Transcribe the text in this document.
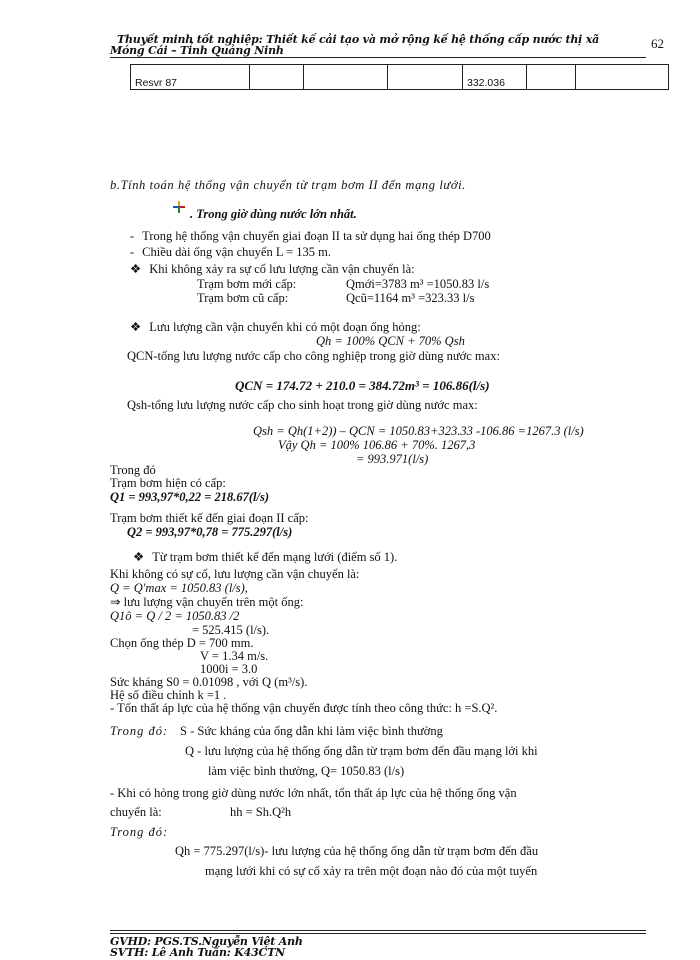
Thuyết minh tốt nghiệp: Thiết kế cải tạo và mở rộng kế hệ thống cấp nước thị xã
Móng Cái – Tỉnh Quảng Ninh	62
Resvr 87				332.036		
b.Tính toán hệ thống vận chuyển từ trạm bơm II đến mạng lưới.
. Trong giờ dùng nước lớn nhất.
- Trong hệ thống vận chuyển giai đoạn II ta sử dụng hai ống thép D700
- Chiều dài ống vận chuyển L = 135 m.
❖ Khi không xảy ra sự cố lưu lượng cần vận chuyển là:
Trạm bơm mới cấp:	Qmới=3783 m³ =1050.83 l/s
Trạm bơm cũ cấp:	Qcũ=1164 m³ =323.33 l/s
❖ Lưu lượng cần vận chuyển khi có một đoạn ống hỏng:
Qh = 100% QCN + 70% Qsh
QCN-tổng lưu lượng nước cấp cho công nghiệp trong giờ dùng nước max:
QCN = 174.72 + 210.0 = 384.72m³ = 106.86(l/s)
Qsh-tổng lưu lượng nước cấp cho sinh hoạt trong giờ dùng nước max:
Qsh = Qh(1+2)) – QCN = 1050.83+323.33 -106.86 =1267.3 (l/s)
Vậy Qh = 100% 106.86 + 70%. 1267,3
= 993.971(l/s)
Trong đó
Trạm bơm hiện có cấp:
Q1 = 993,97*0,22 = 218.67(l/s)
Trạm bơm thiết kế đến giai đoạn II cấp:
Q2 = 993,97*0,78 = 775.297(l/s)
❖ Từ trạm bơm thiết kế đến mạng lưới (điểm số 1).
Khi không có sự cố, lưu lượng cần vận chuyển là:
Q = Q'max = 1050.83 (l/s),
⇒ lưu lượng vận chuyển trên một ống:
Q1ô = Q / 2 = 1050.83 /2
= 525.415 (l/s).
Chọn ống thép D = 700 mm.
V = 1.34 m/s.
1000i = 3.0
Sức kháng S0 = 0.01098 , với Q (m³/s).
Hệ số điều chỉnh k =1 .
- Tổn thất áp lực của hệ thống vận chuyển được tính theo công thức: h =S.Q².
Trong đó: S - Sức kháng của ống dẫn khi làm việc bình thường
Q - lưu lượng của hệ thống ống dẫn từ trạm bơm đến đầu mạng lới khi
làm việc bình thường, Q= 1050.83 (l/s)
- Khi có hỏng trong giờ dùng nước lớn nhất, tổn thất áp lực của hệ thống ống vận
chuyển là:	hh = Sh.Q²h
Trong đó:
Qh = 775.297(l/s)- lưu lượng của hệ thống ống dẫn từ trạm bơm đến đầu
mạng lưới khi có sự cố xảy ra trên một đoạn nào đó của một tuyến
GVHD: PGS.TS.Nguyễn Việt Anh
SVTH: Lê Anh Tuấn: K43CTN
